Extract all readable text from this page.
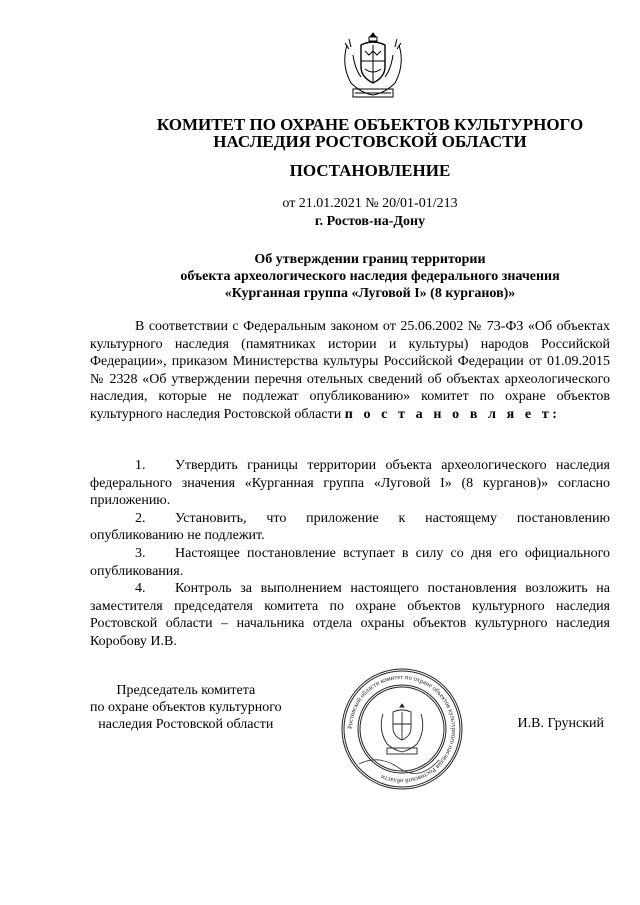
КОМИТЕТ ПО ОХРАНЕ ОБЪЕКТОВ КУЛЬТУРНОГО
НАСЛЕДИЯ РОСТОВСКОЙ ОБЛАСТИ
ПОСТАНОВЛЕНИЕ
от 21.01.2021 № 20/01-01/213
г. Ростов-на-Дону
Об утверждении границ территории
объекта археологического наследия федерального значения
«Курганная группа «Луговой I» (8 курганов)»
В соответствии с Федеральным законом от 25.06.2002 № 73-ФЗ «Об объектах культурного наследия (памятниках истории и культуры) народов Российской Федерации», приказом Министерства культуры Российской Федерации от 01.09.2015 № 2328 «Об утверждении перечня отельных сведений об объектах археологического наследия, которые не подлежат опубликованию» комитет по охране объектов культурного наследия Ростовской области п о с т а н о в л я е т:
1. Утвердить границы территории объекта археологического наследия федерального значения «Курганная группа «Луговой I» (8 курганов)» согласно приложению.
2. Установить, что приложение к настоящему постановлению опубликованию не подлежит.
3. Настоящее постановление вступает в силу со дня его официального опубликования.
4. Контроль за выполнением настоящего постановления возложить на заместителя председателя комитета по охране объектов культурного наследия Ростовской области – начальника отдела охраны объектов культурного наследия Коробову И.В.
Председатель комитета
по охране объектов культурного
наследия Ростовской области	Ростовской области комитет по охране объектов культурного наследия Ростовской области
И.В. Грунский
